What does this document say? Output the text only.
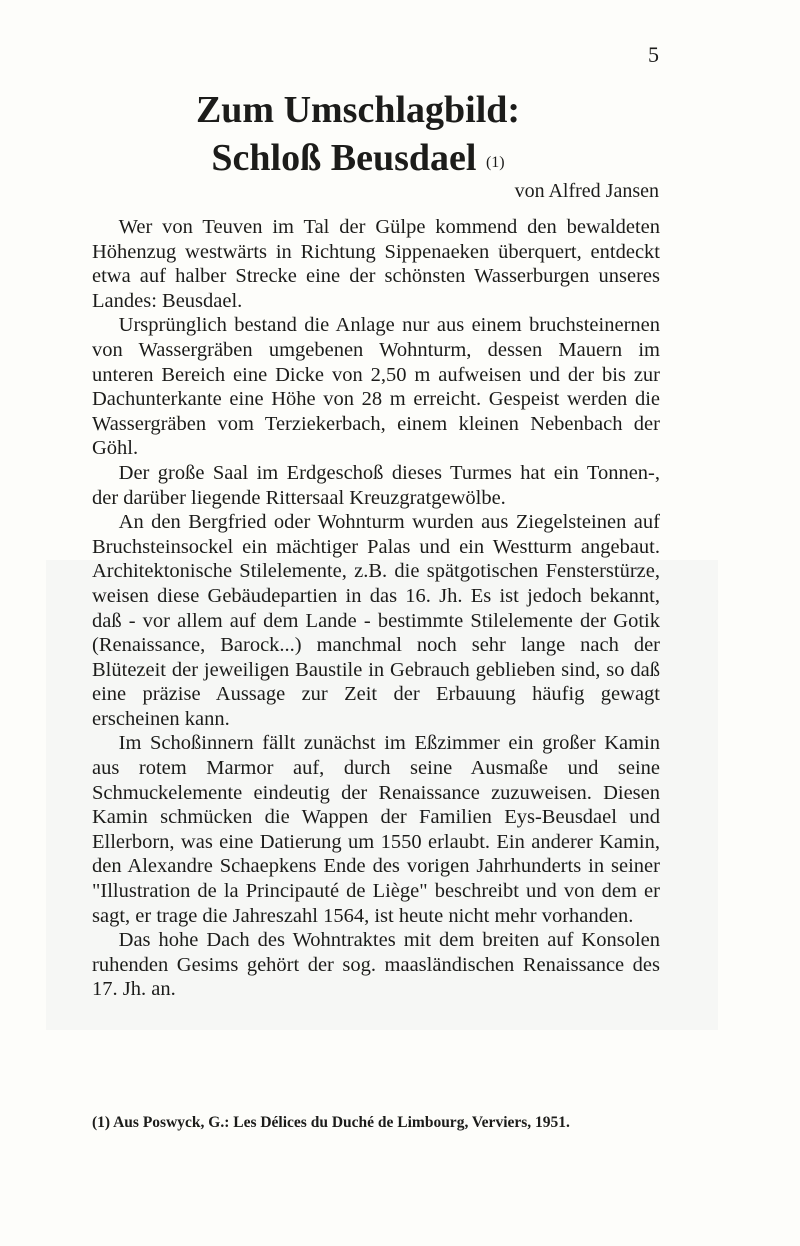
5
Zum Umschlagbild:
Schloß Beusdael (1)
von Alfred Jansen

Wer von Teuven im Tal der Gülpe kommend den bewaldeten Höhenzug westwärts in Richtung Sippenaeken überquert, entdeckt etwa auf halber Strecke eine der schönsten Wasserburgen unseres Landes: Beusdael.

Ursprünglich bestand die Anlage nur aus einem bruchsteinernen von Wassergräben umgebenen Wohnturm, dessen Mauern im unteren Bereich eine Dicke von 2,50 m aufweisen und der bis zur Dachunterkante eine Höhe von 28 m erreicht. Gespeist werden die Wassergräben vom Terziekerbach, einem kleinen Nebenbach der Göhl.

Der große Saal im Erdgeschoß dieses Turmes hat ein Tonnen-, der darüber liegende Rittersaal Kreuzgratgewölbe.

An den Bergfried oder Wohnturm wurden aus Ziegelsteinen auf Bruchsteinsockel ein mächtiger Palas und ein Westturm angebaut. Architektonische Stilelemente, z.B. die spätgotischen Fensterstürze, weisen diese Gebäudepartien in das 16. Jh. Es ist jedoch bekannt, daß - vor allem auf dem Lande - bestimmte Stilelemente der Gotik (Renaissance, Barock...) manchmal noch sehr lange nach der Blütezeit der jeweiligen Baustile in Gebrauch geblieben sind, so daß eine präzise Aussage zur Zeit der Erbauung häufig gewagt erscheinen kann.

Im Schoßinnern fällt zunächst im Eßzimmer ein großer Kamin aus rotem Marmor auf, durch seine Ausmaße und seine Schmuckelemente eindeutig der Renaissance zuzuweisen. Diesen Kamin schmücken die Wappen der Familien Eys-Beusdael und Ellerborn, was eine Datierung um 1550 erlaubt. Ein anderer Kamin, den Alexandre Schaepkens Ende des vorigen Jahrhunderts in seiner "Illustration de la Principauté de Liège" beschreibt und von dem er sagt, er trage die Jahreszahl 1564, ist heute nicht mehr vorhanden.

Das hohe Dach des Wohntraktes mit dem breiten auf Konsolen ruhenden Gesims gehört der sog. maasländischen Renaissance des 17. Jh. an.

(1) Aus Poswyck, G.: Les Délices du Duché de Limbourg, Verviers, 1951.
